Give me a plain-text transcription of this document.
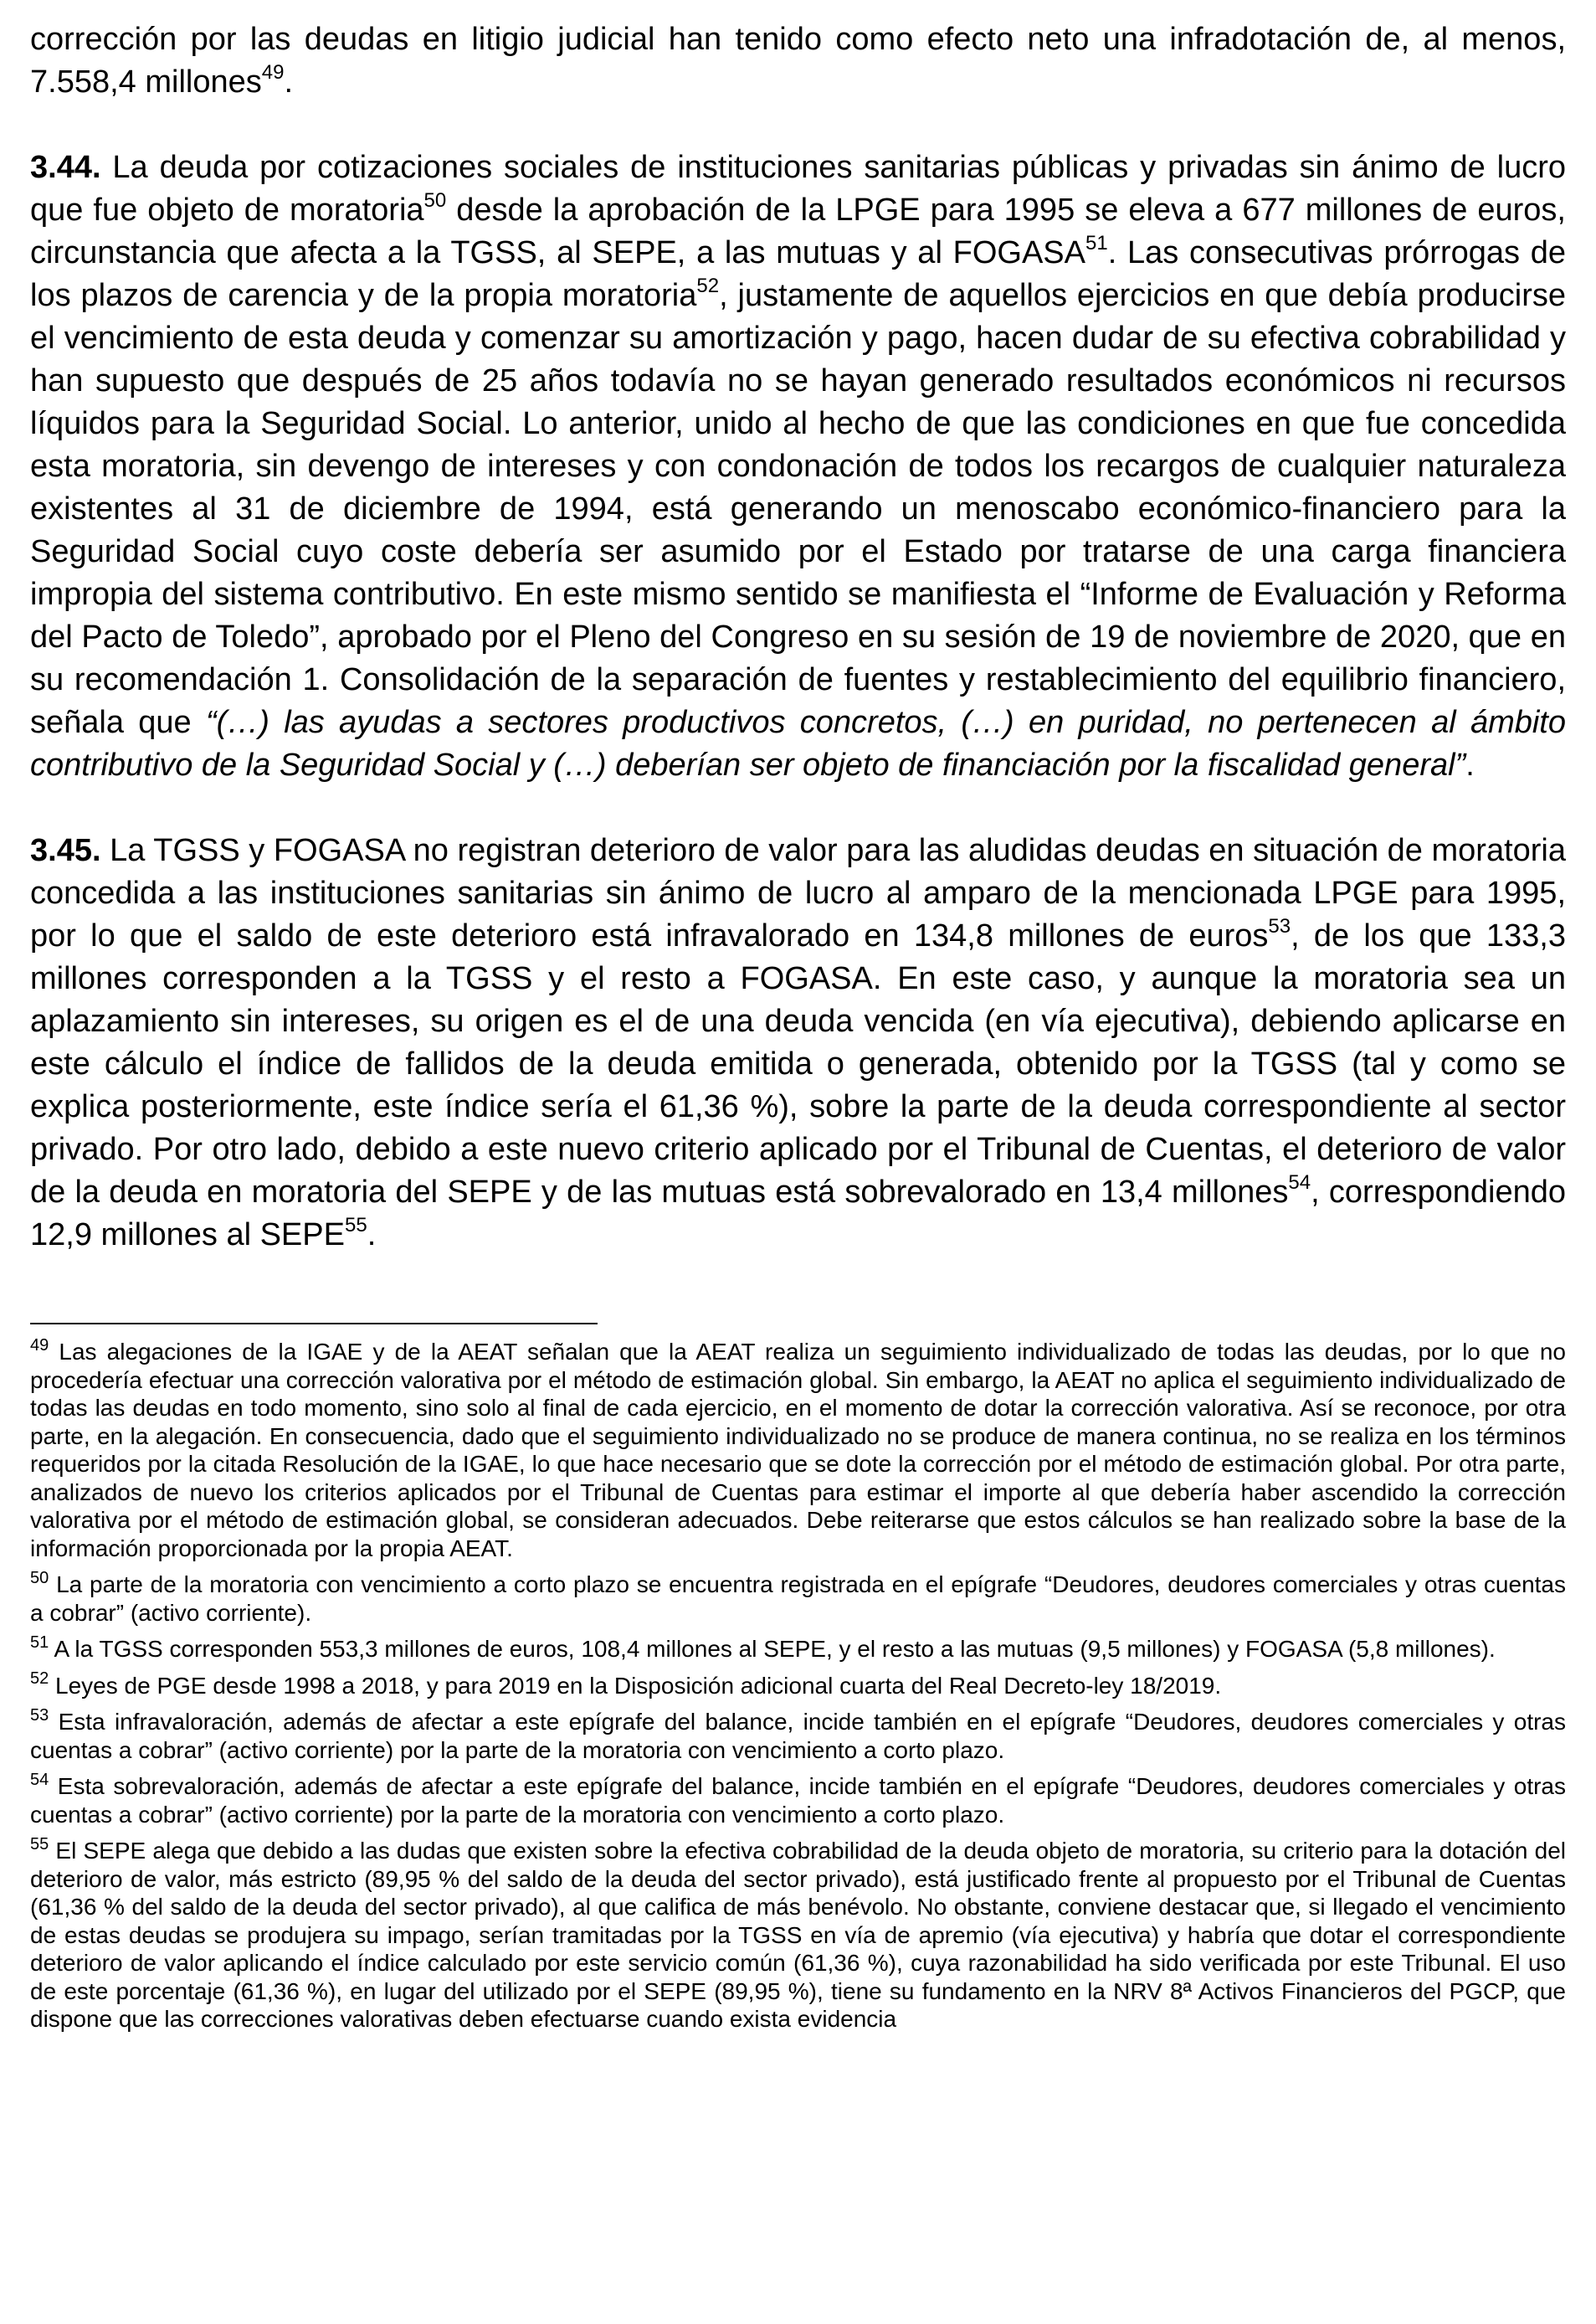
corrección por las deudas en litigio judicial han tenido como efecto neto una infradotación de, al menos, 7.558,4 millones$^{49}$.

3.44. La deuda por cotizaciones sociales de instituciones sanitarias públicas y privadas sin ánimo de lucro que fue objeto de moratoria$^{50}$ desde la aprobación de la LPGE para 1995 se eleva a 677 millones de euros, circunstancia que afecta a la TGSS, al SEPE, a las mutuas y al FOGASA$^{51}$. Las consecutivas prórrogas de los plazos de carencia y de la propia moratoria$^{52}$, justamente de aquellos ejercicios en que debía producirse el vencimiento de esta deuda y comenzar su amortización y pago, hacen dudar de su efectiva cobrabilidad y han supuesto que después de 25 años todavía no se hayan generado resultados económicos ni recursos líquidos para la Seguridad Social. Lo anterior, unido al hecho de que las condiciones en que fue concedida esta moratoria, sin devengo de intereses y con condonación de todos los recargos de cualquier naturaleza existentes al 31 de diciembre de 1994, está generando un menoscabo económico-financiero para la Seguridad Social cuyo coste debería ser asumido por el Estado por tratarse de una carga financiera impropia del sistema contributivo. En este mismo sentido se manifiesta el “Informe de Evaluación y Reforma del Pacto de Toledo”, aprobado por el Pleno del Congreso en su sesión de 19 de noviembre de 2020, que en su recomendación 1. Consolidación de la separación de fuentes y restablecimiento del equilibrio financiero, señala que “(…) las ayudas a sectores productivos concretos, (…) en puridad, no pertenecen al ámbito contributivo de la Seguridad Social y (…) deberían ser objeto de financiación por la fiscalidad general”.

3.45. La TGSS y FOGASA no registran deterioro de valor para las aludidas deudas en situación de moratoria concedida a las instituciones sanitarias sin ánimo de lucro al amparo de la mencionada LPGE para 1995, por lo que el saldo de este deterioro está infravalorado en 134,8 millones de euros$^{53}$, de los que 133,3 millones corresponden a la TGSS y el resto a FOGASA. En este caso, y aunque la moratoria sea un aplazamiento sin intereses, su origen es el de una deuda vencida (en vía ejecutiva), debiendo aplicarse en este cálculo el índice de fallidos de la deuda emitida o generada, obtenido por la TGSS (tal y como se explica posteriormente, este índice sería el 61,36 %), sobre la parte de la deuda correspondiente al sector privado. Por otro lado, debido a este nuevo criterio aplicado por el Tribunal de Cuentas, el deterioro de valor de la deuda en moratoria del SEPE y de las mutuas está sobrevalorado en 13,4 millones$^{54}$, correspondiendo 12,9 millones al SEPE$^{55}$.

$^{49}$ Las alegaciones de la IGAE y de la AEAT señalan que la AEAT realiza un seguimiento individualizado de todas las deudas, por lo que no procedería efectuar una corrección valorativa por el método de estimación global. Sin embargo, la AEAT no aplica el seguimiento individualizado de todas las deudas en todo momento, sino solo al final de cada ejercicio, en el momento de dotar la corrección valorativa. Así se reconoce, por otra parte, en la alegación. En consecuencia, dado que el seguimiento individualizado no se produce de manera continua, no se realiza en los términos requeridos por la citada Resolución de la IGAE, lo que hace necesario que se dote la corrección por el método de estimación global. Por otra parte, analizados de nuevo los criterios aplicados por el Tribunal de Cuentas para estimar el importe al que debería haber ascendido la corrección valorativa por el método de estimación global, se consideran adecuados. Debe reiterarse que estos cálculos se han realizado sobre la base de la información proporcionada por la propia AEAT.

$^{50}$ La parte de la moratoria con vencimiento a corto plazo se encuentra registrada en el epígrafe “Deudores, deudores comerciales y otras cuentas a cobrar” (activo corriente).

$^{51}$ A la TGSS corresponden 553,3 millones de euros, 108,4 millones al SEPE, y el resto a las mutuas (9,5 millones) y FOGASA (5,8 millones).

$^{52}$ Leyes de PGE desde 1998 a 2018, y para 2019 en la Disposición adicional cuarta del Real Decreto-ley 18/2019.

$^{53}$ Esta infravaloración, además de afectar a este epígrafe del balance, incide también en el epígrafe “Deudores, deudores comerciales y otras cuentas a cobrar” (activo corriente) por la parte de la moratoria con vencimiento a corto plazo.

$^{54}$ Esta sobrevaloración, además de afectar a este epígrafe del balance, incide también en el epígrafe “Deudores, deudores comerciales y otras cuentas a cobrar” (activo corriente) por la parte de la moratoria con vencimiento a corto plazo.

$^{55}$ El SEPE alega que debido a las dudas que existen sobre la efectiva cobrabilidad de la deuda objeto de moratoria, su criterio para la dotación del deterioro de valor, más estricto (89,95 % del saldo de la deuda del sector privado), está justificado frente al propuesto por el Tribunal de Cuentas (61,36 % del saldo de la deuda del sector privado), al que califica de más benévolo. No obstante, conviene destacar que, si llegado el vencimiento de estas deudas se produjera su impago, serían tramitadas por la TGSS en vía de apremio (vía ejecutiva) y habría que dotar el correspondiente deterioro de valor aplicando el índice calculado por este servicio común (61,36 %), cuya razonabilidad ha sido verificada por este Tribunal. El uso de este porcentaje (61,36 %), en lugar del utilizado por el SEPE (89,95 %), tiene su fundamento en la NRV 8ª Activos Financieros del PGCP, que dispone que las correcciones valorativas deben efectuarse cuando exista evidencia
